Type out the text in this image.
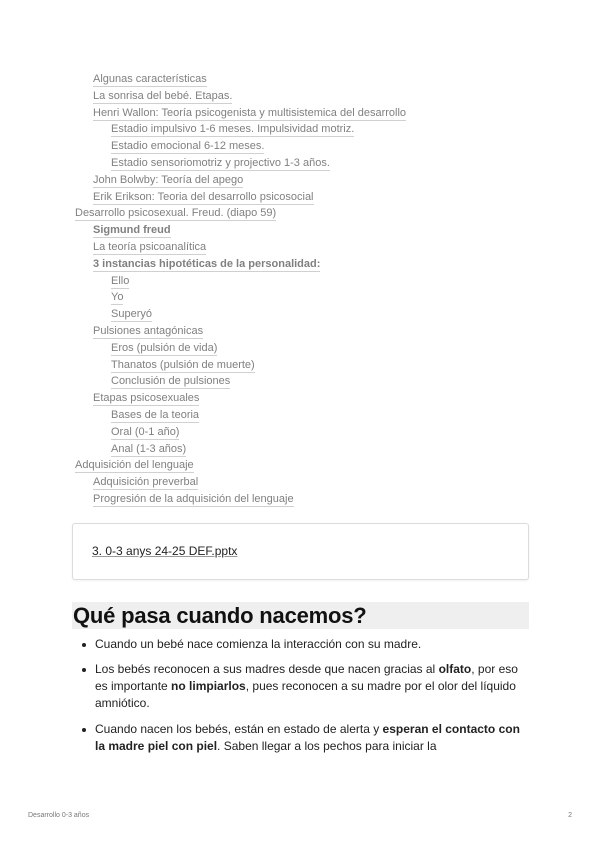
Algunas características
La sonrisa del bebé. Etapas.
Henri Wallon: Teoría psicogenista y multisistemica del desarrollo
Estadio impulsivo 1-6 meses. Impulsividad motriz.
Estadio emocional 6-12 meses.
Estadio sensoriomotriz y projectivo 1-3 años.
John Bolwby: Teoría del apego
Erik Erikson: Teoria del desarrollo psicosocial
Desarrollo psicosexual. Freud. (diapo 59)
Sigmund freud
La teoría psicoanalítica
3 instancias hipotéticas de la personalidad:
Ello
Yo
Superyó
Pulsiones antagónicas
Eros (pulsión de vida)
Thanatos (pulsión de muerte)
Conclusión de pulsiones
Etapas psicosexuales
Bases de la teoria
Oral (0-1 año)
Anal (1-3 años)
Adquisición del lenguaje
Adquisición preverbal
Progresión de la adquisición del lenguaje
3. 0-3 anys 24-25 DEF.pptx
Qué pasa cuando nacemos?
Cuando un bebé nace comienza la interacción con su madre.
Los bebés reconocen a sus madres desde que nacen gracias al olfato, por eso es importante no limpiarlos, pues reconocen a su madre por el olor del líquido amniótico.
Cuando nacen los bebés, están en estado de alerta y esperan el contacto con la madre piel con piel. Saben llegar a los pechos para iniciar la
Desarrollo 0-3 años	2
